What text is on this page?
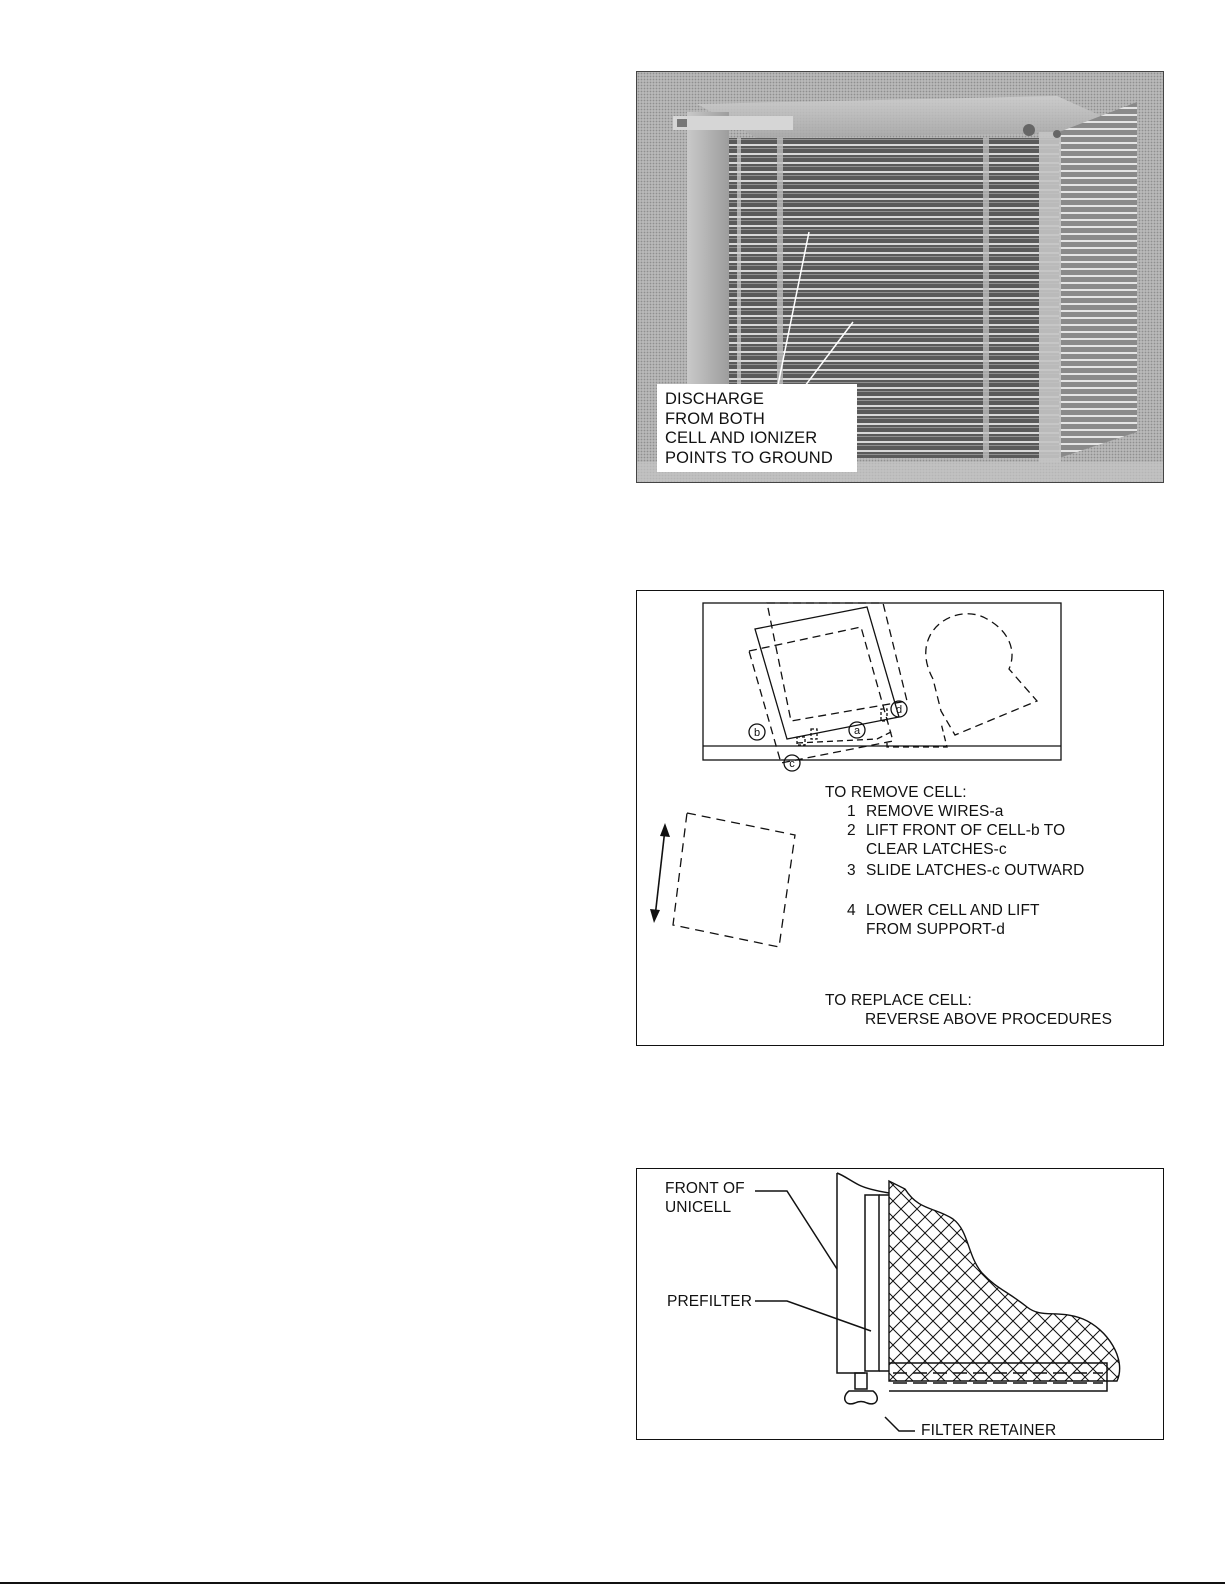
DISCHARGE
FROM BOTH
CELL AND IONIZER
POINTS TO GROUND
b	a
d
c
TO REMOVE CELL:
1 REMOVE WIRES-a
2 LIFT FRONT OF CELL-b TO
CLEAR LATCHES-c
3 SLIDE LATCHES-c OUTWARD
4 LOWER CELL AND LIFT
FROM SUPPORT-d
TO REPLACE CELL:
REVERSE ABOVE PROCEDURES
FRONT OF
UNICELL
PREFILTER
FILTER RETAINER
